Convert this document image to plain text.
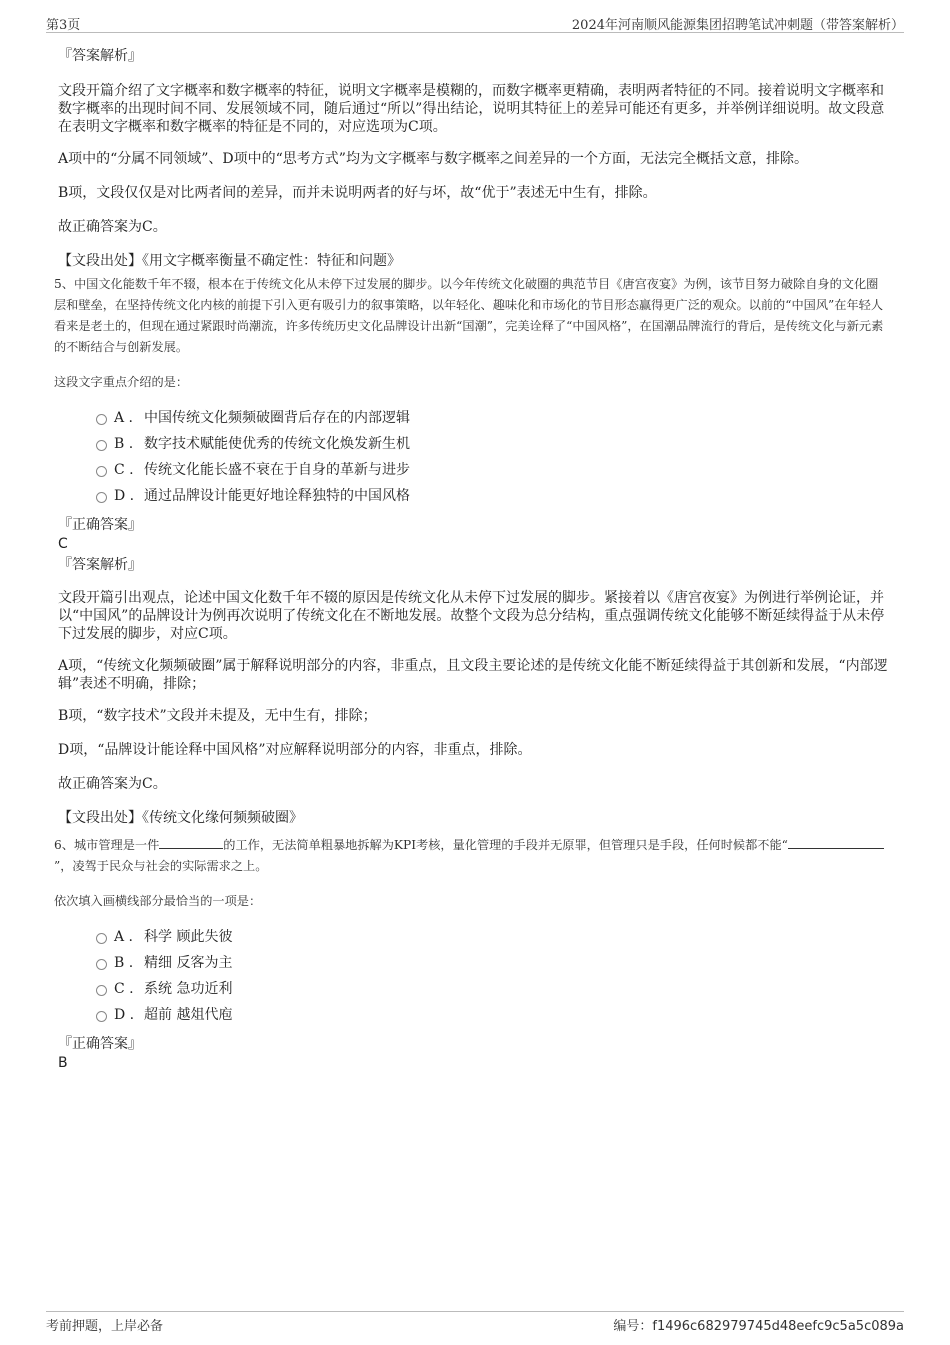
第3页	2024年河南顺风能源集团招聘笔试冲刺题（带答案解析）

『答案解析』

文段开篇介绍了文字概率和数字概率的特征，说明文字概率是模糊的，而数字概率更精确，表明两者特征的不同。接着说明文字概率和数字概率的出现时间不同、发展领域不同，随后通过“所以”得出结论，说明其特征上的差异可能还有更多，并举例详细说明。故文段意在表明文字概率和数字概率的特征是不同的，对应选项为C项。

A项中的“分属不同领域”、D项中的“思考方式”均为文字概率与数字概率之间差异的一个方面，无法完全概括文意，排除。

B项，文段仅仅是对比两者间的差异，而并未说明两者的好与坏，故“优于”表述无中生有，排除。

故正确答案为C。

【文段出处】《用文字概率衡量不确定性：特征和问题》

5、中国文化能数千年不辍，根本在于传统文化从未停下过发展的脚步。以今年传统文化破圈的典范节目《唐宫夜宴》为例，该节目努力破除自身的文化圈层和壁垒，在坚持传统文化内核的前提下引入更有吸引力的叙事策略，以年轻化、趣味化和市场化的节目形态赢得更广泛的观众。以前的“中国风”在年轻人看来是老土的，但现在通过紧跟时尚潮流，许多传统历史文化品牌设计出新“国潮”，完美诠释了“中国风格”，在国潮品牌流行的背后，是传统文化与新元素的不断结合与创新发展。

这段文字重点介绍的是：

A . 中国传统文化频频破圈背后存在的内部逻辑
B . 数字技术赋能使优秀的传统文化焕发新生机
C . 传统文化能长盛不衰在于自身的革新与进步
D . 通过品牌设计能更好地诠释独特的中国风格

『正确答案』

C

『答案解析』

文段开篇引出观点，论述中国文化数千年不辍的原因是传统文化从未停下过发展的脚步。紧接着以《唐宫夜宴》为例进行举例论证，并以“中国风”的品牌设计为例再次说明了传统文化在不断地发展。故整个文段为总分结构，重点强调传统文化能够不断延续得益于从未停下过发展的脚步，对应C项。

A项，“传统文化频频破圈”属于解释说明部分的内容，非重点，且文段主要论述的是传统文化能不断延续得益于其创新和发展，“内部逻辑”表述不明确，排除；

B项，“数字技术”文段并未提及，无中生有，排除；

D项，“品牌设计能诠释中国风格”对应解释说明部分的内容，非重点，排除。

故正确答案为C。

【文段出处】《传统文化缘何频频破圈》

6、城市管理是一件	的工作，无法简单粗暴地拆解为KPI考核，量化管理的手段并无原罪，但管理只是手段，任何时候都不能“”，凌驾于民众与社会的实际需求之上。

依次填入画横线部分最恰当的一项是：

A . 科学 顾此失彼
B . 精细 反客为主
C . 系统 急功近利
D . 超前 越俎代庖

『正确答案』

B

考前押题，上岸必备	编号：f1496c682979745d48eefc9c5a5c089a
